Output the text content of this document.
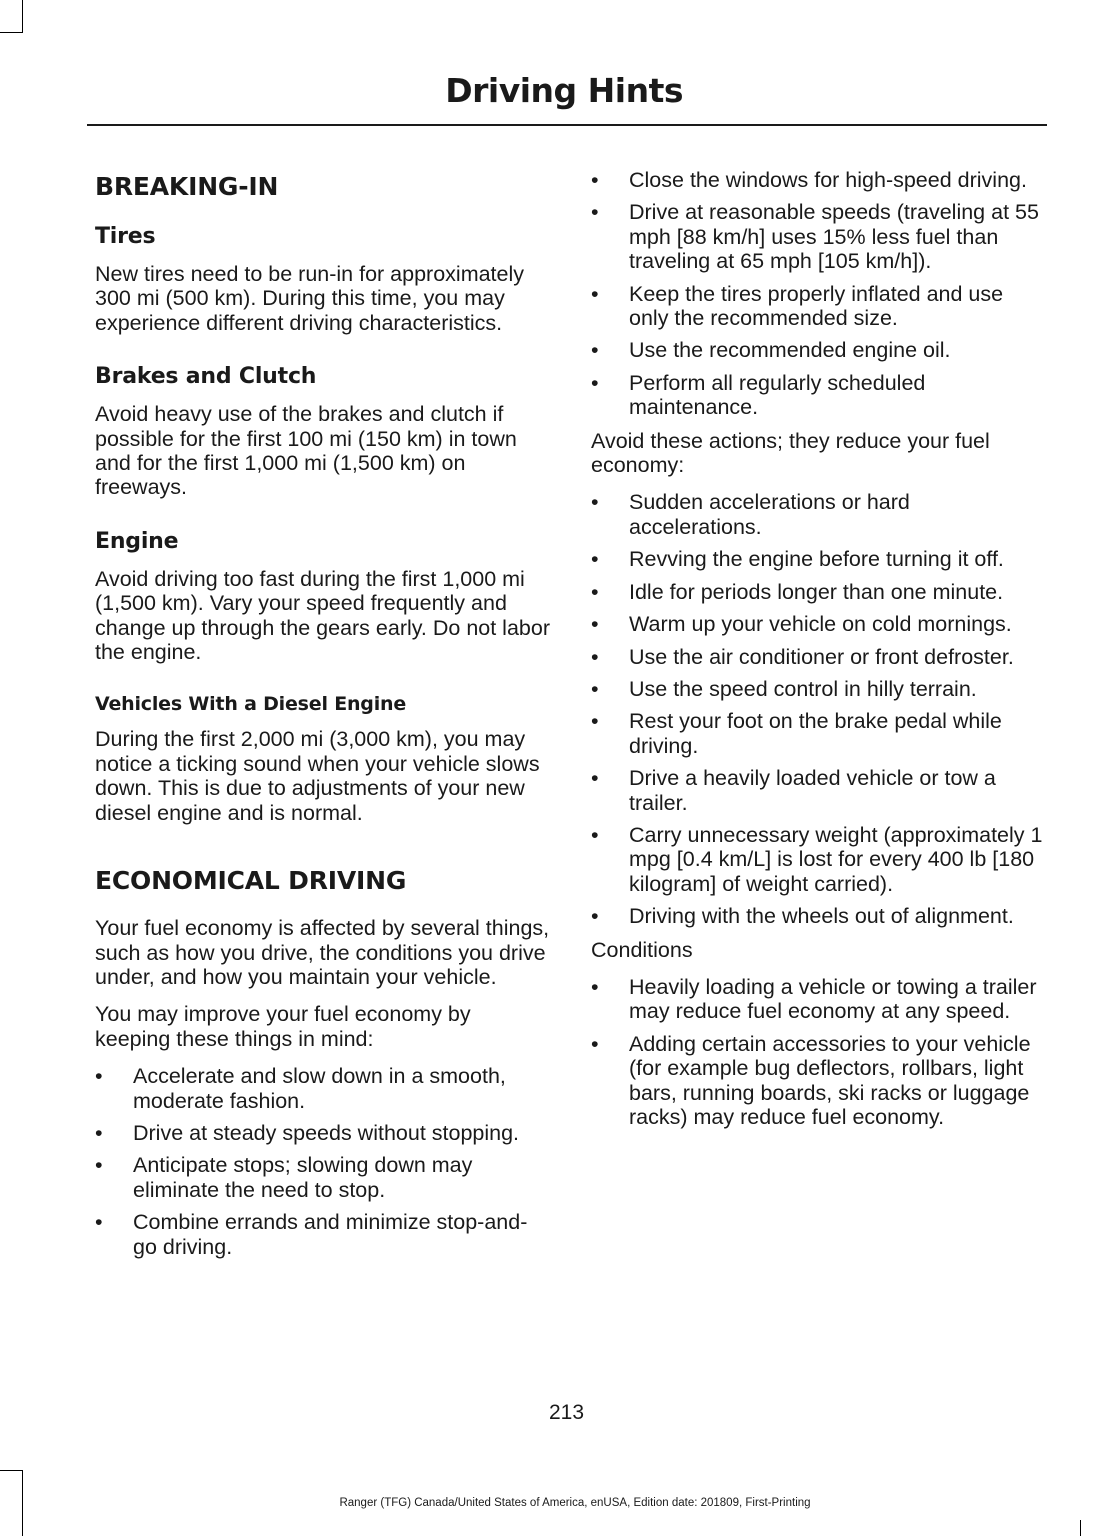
Driving Hints
BREAKING-IN
Tires
New tires need to be run-in for approximately 300 mi (500 km). During this time, you may experience different driving characteristics.
Brakes and Clutch
Avoid heavy use of the brakes and clutch if possible for the first 100 mi (150 km) in town and for the first 1,000 mi (1,500 km) on freeways.
Engine
Avoid driving too fast during the first 1,000 mi (1,500 km). Vary your speed frequently and change up through the gears early. Do not labor the engine.
Vehicles With a Diesel Engine
During the first 2,000 mi (3,000 km), you may notice a ticking sound when your vehicle slows down. This is due to adjustments of your new diesel engine and is normal.
ECONOMICAL DRIVING
Your fuel economy is affected by several things, such as how you drive, the conditions you drive under, and how you maintain your vehicle.
You may improve your fuel economy by keeping these things in mind:
•	Accelerate and slow down in a smooth, moderate fashion.
•	Drive at steady speeds without stopping.
•	Anticipate stops; slowing down may eliminate the need to stop.
•	Combine errands and minimize stop-and-go driving.
•	Close the windows for high-speed driving.
•	Drive at reasonable speeds (traveling at 55 mph [88 km/h] uses 15% less fuel than traveling at 65 mph [105 km/h]).
•	Keep the tires properly inflated and use only the recommended size.
•	Use the recommended engine oil.
•	Perform all regularly scheduled maintenance.
Avoid these actions; they reduce your fuel economy:
•	Sudden accelerations or hard accelerations.
•	Revving the engine before turning it off.
•	Idle for periods longer than one minute.
•	Warm up your vehicle on cold mornings.
•	Use the air conditioner or front defroster.
•	Use the speed control in hilly terrain.
•	Rest your foot on the brake pedal while driving.
•	Drive a heavily loaded vehicle or tow a trailer.
•	Carry unnecessary weight (approximately 1 mpg [0.4 km/L] is lost for every 400 lb [180 kilogram] of weight carried).
•	Driving with the wheels out of alignment.
Conditions
•	Heavily loading a vehicle or towing a trailer may reduce fuel economy at any speed.
•	Adding certain accessories to your vehicle (for example bug deflectors, rollbars, light bars, running boards, ski racks or luggage racks) may reduce fuel economy.
213
Ranger (TFG) Canada/United States of America, enUSA, Edition date: 201809, First-Printing
